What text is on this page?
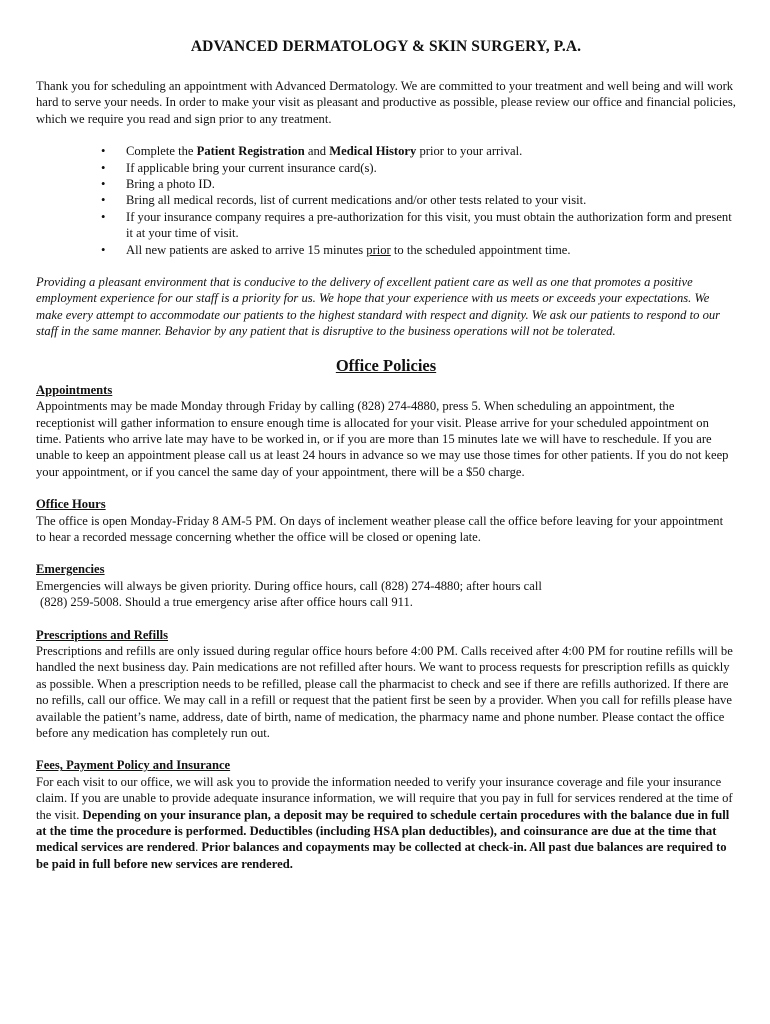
ADVANCED DERMATOLOGY & SKIN SURGERY, P.A.

Thank you for scheduling an appointment with Advanced Dermatology. We are committed to your treatment and well being and will work hard to serve your needs. In order to make your visit as pleasant and productive as possible, please review our office and financial policies, which we require you read and sign prior to any treatment.

• Complete the Patient Registration and Medical History prior to your arrival.
• If applicable bring your current insurance card(s).
• Bring a photo ID.
• Bring all medical records, list of current medications and/or other tests related to your visit.
• If your insurance company requires a pre-authorization for this visit, you must obtain the authorization form and present it at your time of visit.
• All new patients are asked to arrive 15 minutes prior to the scheduled appointment time.

Providing a pleasant environment that is conducive to the delivery of excellent patient care as well as one that promotes a positive employment experience for our staff is a priority for us. We hope that your experience with us meets or exceeds your expectations. We make every attempt to accommodate our patients to the highest standard with respect and dignity. We ask our patients to respond to our staff in the same manner. Behavior by any patient that is disruptive to the business operations will not be tolerated.

Office Policies
Appointments

Appointments may be made Monday through Friday by calling (828) 274-4880, press 5. When scheduling an appointment, the receptionist will gather information to ensure enough time is allocated for your visit. Please arrive for your scheduled appointment on time. Patients who arrive late may have to be worked in, or if you are more than 15 minutes late we will have to reschedule. If you are unable to keep an appointment please call us at least 24 hours in advance so we may use those times for other patients. If you do not keep your appointment, or if you cancel the same day of your appointment, there will be a $50 charge.

Office Hours

The office is open Monday-Friday 8 AM-5 PM. On days of inclement weather please call the office before leaving for your appointment to hear a recorded message concerning whether the office will be closed or opening late.

Emergencies

Emergencies will always be given priority. During office hours, call (828) 274-4880; after hours call

(828) 259-5008. Should a true emergency arise after office hours call 911.

Prescriptions and Refills

Prescriptions and refills are only issued during regular office hours before 4:00 PM. Calls received after 4:00 PM for routine refills will be handled the next business day. Pain medications are not refilled after hours. We want to process requests for prescription refills as quickly as possible. When a prescription needs to be refilled, please call the pharmacist to check and see if there are refills authorized. If there are no refills, call our office. We may call in a refill or request that the patient first be seen by a provider. When you call for refills please have available the patient’s name, address, date of birth, name of medication, the pharmacy name and phone number. Please contact the office before any medication has completely run out.

Fees, Payment Policy and Insurance

For each visit to our office, we will ask you to provide the information needed to verify your insurance coverage and file your insurance claim. If you are unable to provide adequate insurance information, we will require that you pay in full for services rendered at the time of the visit. Depending on your insurance plan, a deposit may be required to schedule certain procedures with the balance due in full at the time the procedure is performed. Deductibles (including HSA plan deductibles), and coinsurance are due at the time that medical services are rendered. Prior balances and copayments may be collected at check-in. All past due balances are required to be paid in full before new services are rendered.
